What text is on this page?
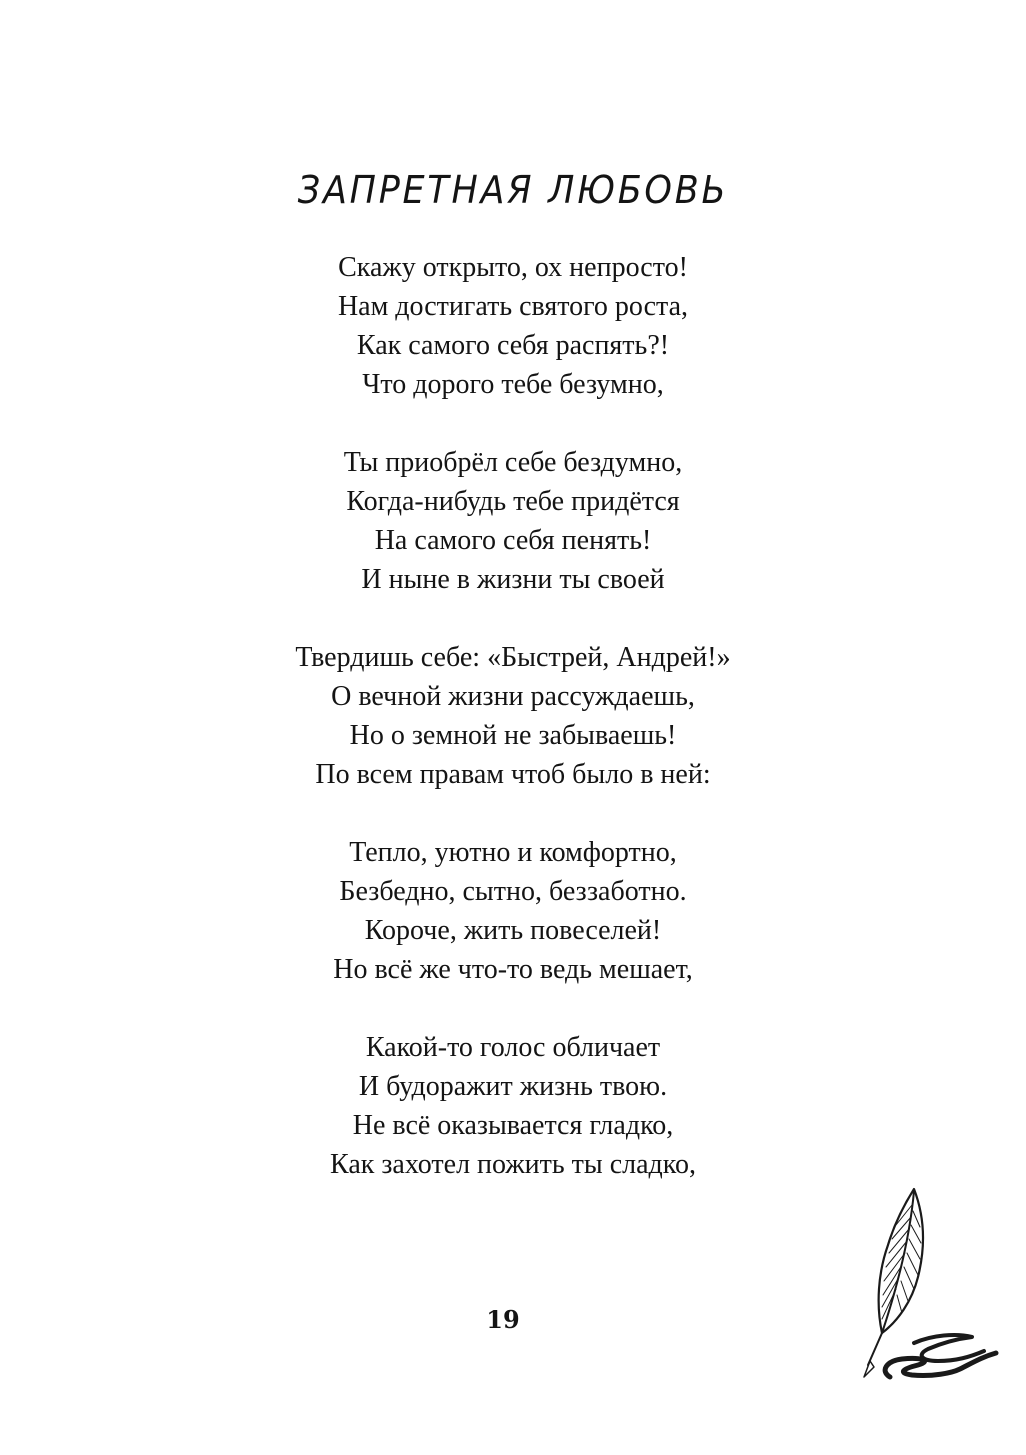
ЗАПРЕТНАЯ ЛЮБОВЬ
Скажу открыто, ох непросто!
Нам достигать святого роста,
Как самого себя распять?!
Что дорого тебе безумно,
Ты приобрёл себе бездумно,
Когда-нибудь тебе придётся
На самого себя пенять!
И ныне в жизни ты своей
Твердишь себе: «Быстрей, Андрей!»
О вечной жизни рассуждаешь,
Но о земной не забываешь!
По всем правам чтоб было в ней:
Тепло, уютно и комфортно,
Безбедно, сытно, беззаботно.
Короче, жить повеселей!
Но всё же что-то ведь мешает,
Какой-то голос обличает
И будоражит жизнь твою.
Не всё оказывается гладко,
Как захотел пожить ты сладко,
19
